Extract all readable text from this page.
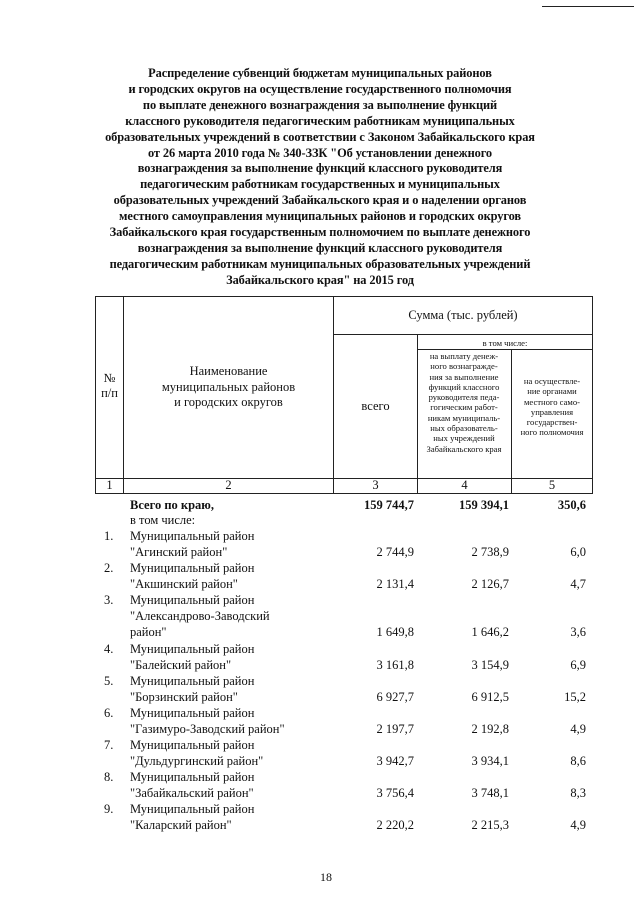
Распределение субвенций бюджетам муниципальных районов
и городских округов на осуществление государственного полномочия
по выплате денежного вознаграждения за выполнение функций
классного руководителя педагогическим работникам муниципальных
образовательных учреждений в соответствии с Законом Забайкальского края
от 26 марта 2010 года № 340-ЗЗК "Об установлении денежного
вознаграждения за выполнение функций классного руководителя
педагогическим работникам государственных и муниципальных
образовательных учреждений Забайкальского края и о наделении органов
местного самоуправления муниципальных районов и городских округов
Забайкальского края государственным полномочием по выплате денежного
вознаграждения за выполнение функций классного руководителя
педагогическим работникам муниципальных образовательных учреждений
Забайкальского края" на 2015 год
№
п/п
Наименование
муниципальных районов
и городских округов
Сумма (тыс. рублей)
в том числе:
всего
на выплату денеж-
ного вознагражде-
ния за выполнение
функций классного
руководителя педа-
гогическим работ-
никам муниципаль-
ных образователь-
ных учреждений
Забайкальского края
на осуществле-
ние органами
местного само-
управления
государствен-
ного полномочия
1	2	3	4	5
Всего по краю,
в том числе:
159 744,7	159 394,1	350,6
1. Муниципальный район
"Агинский район"	2 744,9	2 738,9	6,0
2. Муниципальный район
"Акшинский район"	2 131,4	2 126,7	4,7
3. Муниципальный район
"Александрово-Заводский
район"	1 649,8	1 646,2	3,6
4. Муниципальный район
"Балейский район"	3 161,8	3 154,9	6,9
5. Муниципальный район
"Борзинский район"	6 927,7	6 912,5	15,2
6. Муниципальный район
"Газимуро-Заводский район"	2 197,7	2 192,8	4,9
7. Муниципальный район
"Дульдургинский район"	3 942,7	3 934,1	8,6
8. Муниципальный район
"Забайкальский район"	3 756,4	3 748,1	8,3
9. Муниципальный район
"Каларский район"	2 220,2	2 215,3	4,9
18
